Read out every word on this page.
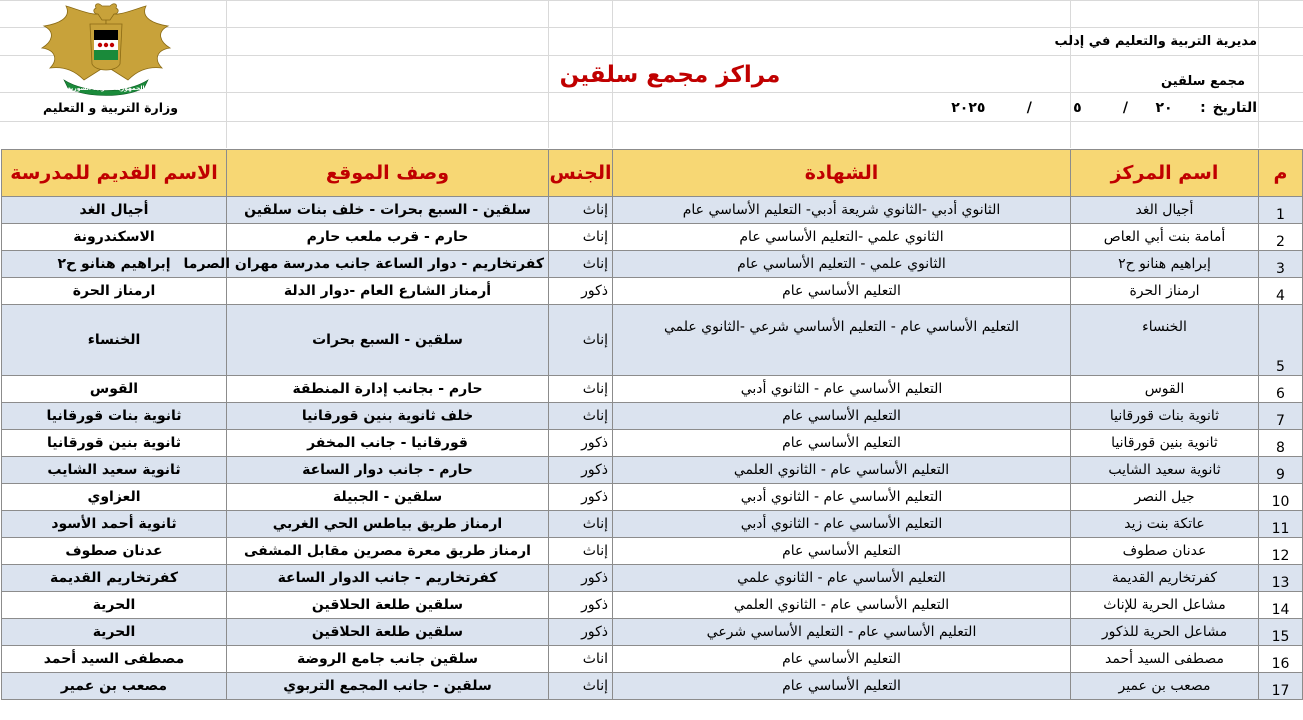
الجمهورية العربية السورية
وزارة التربية و التعليم
مراكز مجمع سلقين
مديرية التربية والتعليم في إدلب
مجمع سلقين
التاريخ :    ٢٠    /      ٥      /      ٢٠٢٥
م	اسم المركز	الشهادة	الجنس	وصف الموقع	الاسم القديم للمدرسة
1	أجيال الغد	الثانوي أدبي -الثانوي شريعة أدبي- التعليم الأساسي عام	إناث	سلقين - السبع بحرات - خلف بنات سلقين	أجيال الغد
2	أمامة بنت أبي العاص	الثانوي علمي -التعليم الأساسي عام	إناث	حارم - قرب ملعب حارم	الاسكندرونة
3	إبراهيم هنانو ح٢	الثانوي علمي - التعليم الأساسي عام	إناث	كفرتخاريم - دوار الساعة جانب مدرسة مهران الصرما	إبراهيم هنانو ح٢
4	ارمناز الحرة	التعليم الأساسي عام	ذكور	أرمناز الشارع العام -دوار الدلة	ارمناز الحرة
5	الخنساء	التعليم الأساسي عام - التعليم الأساسي شرعي -الثانوي علمي	إناث	سلقين - السبع بحرات	الخنساء
6	القوس	التعليم الأساسي عام - الثانوي أدبي	إناث	حارم - بجانب إدارة المنطقة	القوس
7	ثانوية بنات قورقانيا	التعليم الأساسي عام	إناث	خلف ثانوية بنين قورقانيا	ثانوية بنات قورقانيا
8	ثانوية بنين قورقانيا	التعليم الأساسي عام	ذكور	قورقانيا - جانب المخفر	ثانوية بنين قورقانيا
9	ثانوية سعيد الشايب	التعليم الأساسي عام - الثانوي العلمي	ذكور	حارم - جانب دوار الساعة	ثانوية سعيد الشايب
10	جيل النصر	التعليم الأساسي عام - الثانوي أدبي	ذكور	سلقين - الجبيلة	العزاوي
11	عاتكة بنت زيد	التعليم الأساسي عام - الثانوي أدبي	إناث	ارمناز طريق بياطس الحي الغربي	ثانوية أحمد الأسود
12	عدنان صطوف	التعليم الأساسي عام	إناث	ارمناز طريق معرة مصرين مقابل المشفى	عدنان صطوف
13	كفرتخاريم القديمة	التعليم الأساسي عام - الثانوي علمي	ذكور	كفرتخاريم - جانب الدوار الساعة	كفرتخاريم القديمة
14	مشاعل الحرية للإناث	التعليم الأساسي عام - الثانوي العلمي	ذكور	سلقين طلعة الحلاقين	الحرية
15	مشاعل الحرية للذكور	التعليم الأساسي عام - التعليم الأساسي شرعي	ذكور	سلقين طلعة الحلاقين	الحرية
16	مصطفى السيد أحمد	التعليم الأساسي عام	اناث	سلقين جانب جامع الروضة	مصطفى السيد أحمد
17	مصعب بن عمير	التعليم الأساسي عام	إناث	سلقين - جانب المجمع التربوي	مصعب بن عمير
